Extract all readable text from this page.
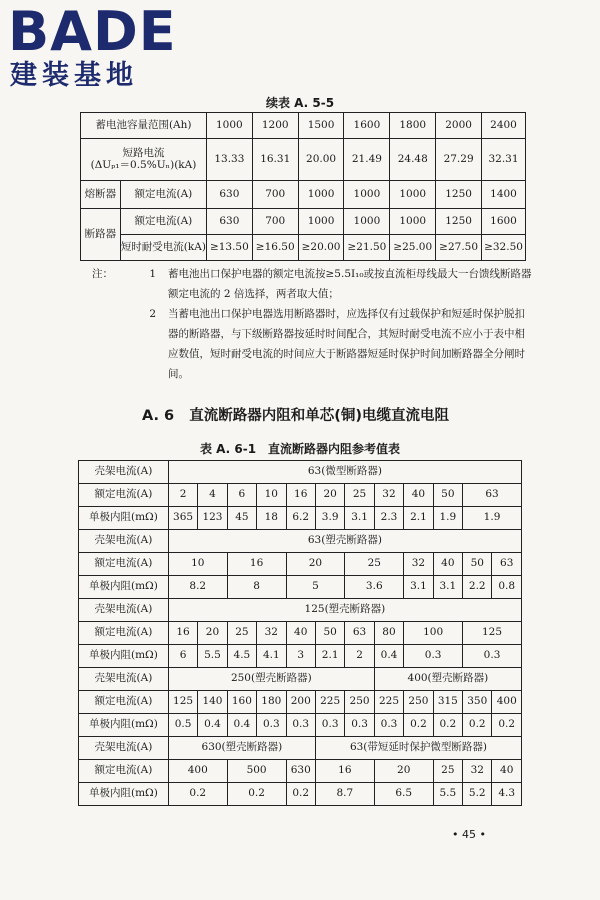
BADE
建装基地
续表 A. 5-5
蓄电池容量范围(Ah)		1000	1200	1500	1600	1800	2000	2400

短路电流
(ΔUₚ₁＝0.5%Uₙ)(kA)		13.33	16.31	20.00	21.49	24.48	27.29	32.31
熔断器	额定电流(A)	630	700	1000	1000	1000	1250	1400
断路器	额定电流(A)	630	700	1000	1000	1000	1250	1600
	短时耐受电流(kA)	≥13.50	≥16.50	≥20.00	≥21.50	≥25.00	≥27.50	≥32.50
注：	1	蓄电池出口保护电器的额定电流按≥5.5I₁₀或按直流柜母线最大一台馈线断路器额定电流的 2 倍选择，两者取大值；
2	当蓄电池出口保护电器选用断路器时，应选择仅有过载保护和短延时保护脱扣器的断路器，与下级断路器按延时时间配合，其短时耐受电流不应小于表中相应数值，短时耐受电流的时间应大于断路器短延时保护时间加断路器全分闸时间。
A. 6 直流断路器内阻和单芯(铜)电缆直流电阻
表 A. 6-1　直流断路器内阻参考值表
壳架电流(A)	63(微型断路器)											
额定电流(A)	2	4	6	10	16	20	25	32	40	50	63	
单极内阻(mΩ)	365	123	45	18	6.2	3.9	3.1	2.3	2.1	1.9	1.9	
壳架电流(A)	63(塑壳断路器)											
额定电流(A)	10		16		20		25		32	40	50	63
单极内阻(mΩ)	8.2		8		5		3.6		3.1	3.1	2.2	0.8
壳架电流(A)	125(塑壳断路器)											
额定电流(A)	16	20	25	32	40	50	63	80	100		125	
单极内阻(mΩ)	6	5.5	4.5	4.1	3	2.1	2	0.4	0.3		0.3	
壳架电流(A)	250(塑壳断路器)							400(塑壳断路器)				
额定电流(A)	125	140	160	180	200	225	250	225	250	315	350	400
单极内阻(mΩ)	0.5	0.4	0.4	0.3	0.3	0.3	0.3	0.3	0.2	0.2	0.2	0.2
壳架电流(A)	630(塑壳断路器)					63(带短延时保护微型断路器)						
额定电流(A)	400		500		630	16		20		25	32	40
单极内阻(mΩ)	0.2		0.2		0.2	8.7		6.5		5.5	5.2	4.3
• 45 •
